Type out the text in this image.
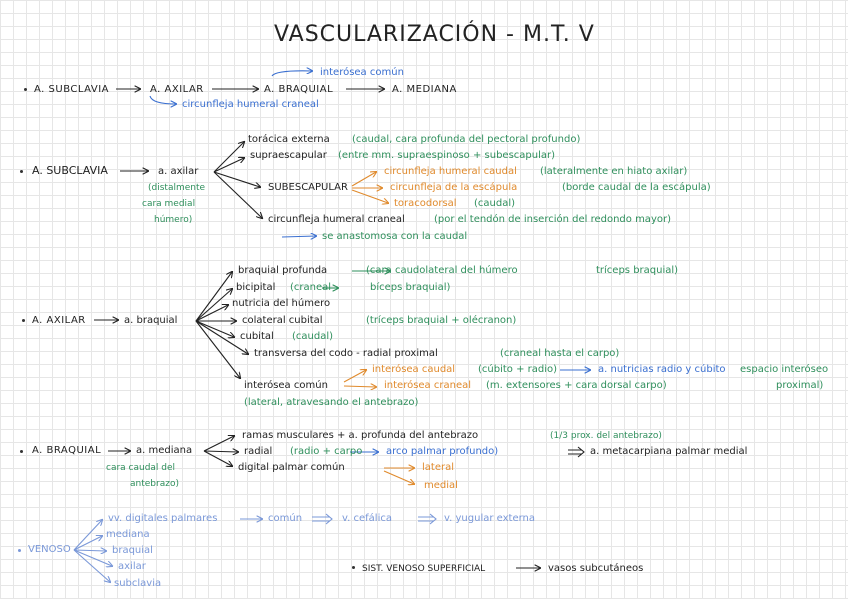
VASCULARIZACIÓN - M.T. V
A. SUBCLAVIA	A. AXILAR	A. BRAQUIAL	A. MEDIANA
interósea común
circunfleja humeral craneal
A. SUBCLAVIA	a. axilar
(distalmente
cara medial
húmero)
torácica externa (caudal, cara profunda del pectoral profundo)
supraescapular (entre mm. supraespinoso + subescapular)
SUBESCAPULAR
circunfleja humeral caudal (lateralmente en hiato axilar)
circunfleja de la escápula	(borde caudal de la escápula)
toracodorsal (caudal)
circunfleja humeral craneal	(por el tendón de inserción del redondo mayor)
se anastomosa con la caudal
A. AXILAR	a. braquial
braquial profunda	(cara caudolateral del húmero	tríceps braquial)
bicipital (craneal	bíceps braquial)
nutricia del húmero
colateral cubital	(tríceps braquial + olécranon)
cubital (caudal)
transversa del codo - radial proximal	(craneal hasta el carpo)
interósea común
interósea caudal (cúbito + radio)	a. nutricias radio y cúbito espacio interóseo
proximal)
interósea craneal (m. extensores + cara dorsal carpo)
(lateral, atravesando el antebrazo)
A. BRAQUIAL	a. mediana
cara caudal del
antebrazo)
ramas musculares + a. profunda del antebrazo	(1/3 prox. del antebrazo)
radial (radio + carpo arco palmar profundo)	a. metacarpiana palmar medial
digital palmar común	lateral
medial
VENOSO
vv. digitales palmares	común	v. cefálica	v. yugular externa
mediana
braquial
axilar
subclavia
SIST. VENOSO SUPERFICIAL	vasos subcutáneos
